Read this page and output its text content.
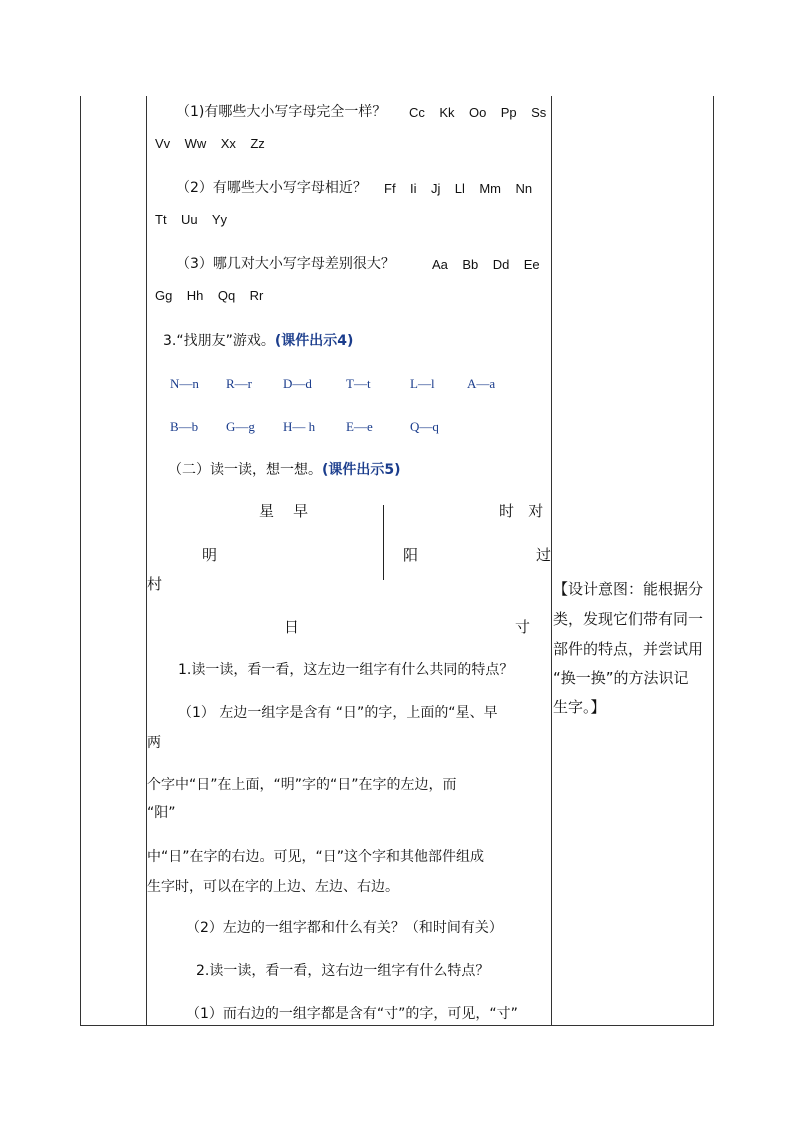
（1)有哪些大小写字母完全一样？ Cc    Kk    Oo    Pp    Ss
Vv    Ww    Xx    Zz
（2）有哪些大小写字母相近？ Ff    Ii    Jj    Ll    Mm    Nn
Tt    Uu    Yy
（3）哪几对大小写字母差别很大？	Aa    Bb    Dd    Ee
Gg    Hh    Qq    Rr
3.“找朋友”游戏。(课件出示4)
N—n R—r D—d	T—t	L—l A—a
B—b G—g H— h E—e	Q—q
（二）读一读，想一想。(课件出示5)
星    早	时   对
明	阳	过
村
日	寸
1.读一读，看一看，这左边一组字有什么共同的特点？
（1） 左边一组字是含有 “日”的字，上面的“星、早
两
个字中“日”在上面，“明”字的“日”在字的左边，而
“阳”
中“日”在字的右边。可见，“日”这个字和其他部件组成
生字时，可以在字的上边、左边、右边。
（2）左边的一组字都和什么有关？（和时间有关）
2.读一读，看一看，这右边一组字有什么特点？
（1）而右边的一组字都是含有“寸”的字，可见，“寸”
【设计意图：能根据分
类，发现它们带有同一
部件的特点，并尝试用
“换一换”的方法识记
生字。】
